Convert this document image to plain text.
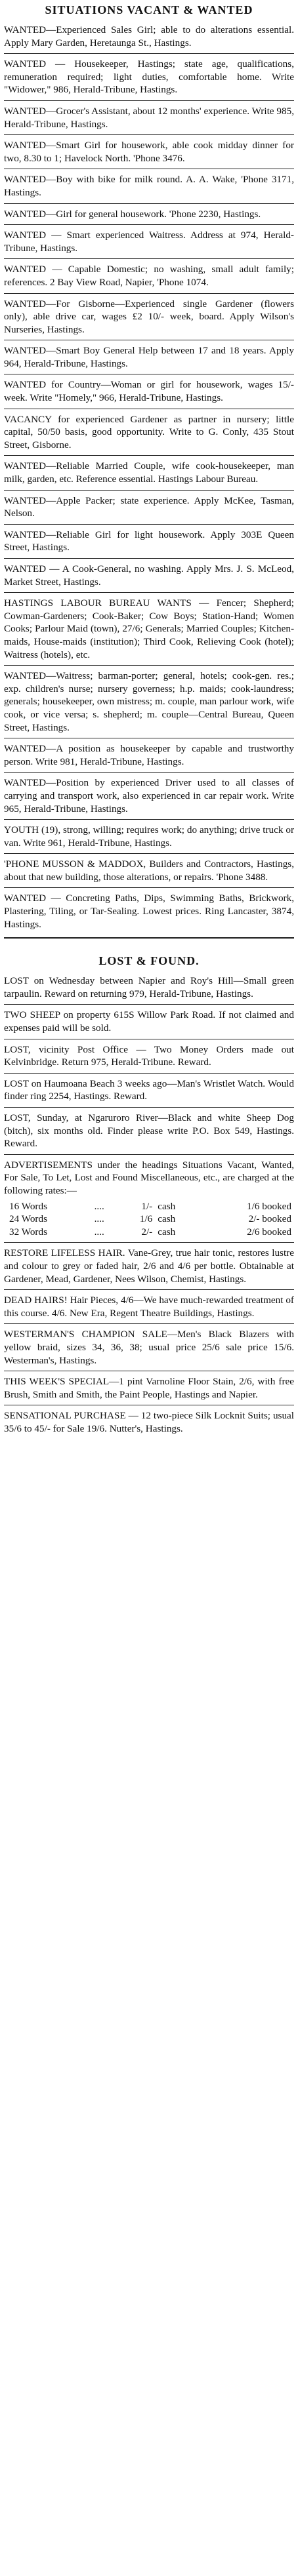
SITUATIONS VACANT & WANTED
WANTED—Experienced Sales Girl; able to do alterations essential. Apply Mary Garden, Heretaunga St., Hastings.
WANTED — Housekeeper, Hastings; state age, qualifications, remuneration required; light duties, comfortable home. Write "Widower," 986, Herald-Tribune, Hastings.
WANTED—Grocer's Assistant, about 12 months' experience. Write 985, Herald-Tribune, Hastings.
WANTED—Smart Girl for housework, able cook midday dinner for two, 8.30 to 1; Havelock North. 'Phone 3476.
WANTED—Boy with bike for milk round. A. A. Wake, 'Phone 3171, Hastings.
WANTED—Girl for general housework. 'Phone 2230, Hastings.
WANTED — Smart experienced Waitress. Address at 974, Herald-Tribune, Hastings.
WANTED — Capable Domestic; no washing, small adult family; references. 2 Bay View Road, Napier, 'Phone 1074.
WANTED—For Gisborne—Experienced single Gardener (flowers only), able drive car, wages £2 10/- week, board. Apply Wilson's Nurseries, Hastings.
WANTED—Smart Boy General Help between 17 and 18 years. Apply 964, Herald-Tribune, Hastings.
WANTED for Country—Woman or girl for housework, wages 15/- week. Write "Homely," 966, Herald-Tribune, Hastings.
VACANCY for experienced Gardener as partner in nursery; little capital, 50/50 basis, good opportunity. Write to G. Conly, 435 Stout Street, Gisborne.
WANTED—Reliable Married Couple, wife cook-housekeeper, man milk, garden, etc. Reference essential. Hastings Labour Bureau.
WANTED—Apple Packer; state experience. Apply McKee, Tasman, Nelson.
WANTED—Reliable Girl for light housework. Apply 303E Queen Street, Hastings.
WANTED — A Cook-General, no washing. Apply Mrs. J. S. McLeod, Market Street, Hastings.
HASTINGS LABOUR BUREAU WANTS — Fencer; Shepherd; Cowman-Gardeners; Cook-Baker; Cow Boys; Station-Hand; Women Cooks; Parlour Maid (town), 27/6; Generals; Married Couples; Kitchen-maids, House-maids (institution); Third Cook, Relieving Cook (hotel); Waitress (hotels), etc.
WANTED—Waitress; barman-porter; general, hotels; cook-gen. res.; exp. children's nurse; nursery governess; h.p. maids; cook-laundress; generals; housekeeper, own mistress; m. couple, man parlour work, wife cook, or vice versa; s. shepherd; m. couple—Central Bureau, Queen Street, Hastings.
WANTED—A position as housekeeper by capable and trustworthy person. Write 981, Herald-Tribune, Hastings.
WANTED—Position by experienced Driver used to all classes of carrying and transport work, also experienced in car repair work. Write 965, Herald-Tribune, Hastings.
YOUTH (19), strong, willing; requires work; do anything; drive truck or van. Write 961, Herald-Tribune, Hastings.
'PHONE MUSSON & MADDOX, Builders and Contractors, Hastings, about that new building, those alterations, or repairs. 'Phone 3488.
WANTED — Concreting Paths, Dips, Swimming Baths, Brickwork, Plastering, Tiling, or Tar-Sealing. Lowest prices. Ring Lancaster, 3874, Hastings.
LOST & FOUND.
LOST on Wednesday between Napier and Roy's Hill—Small green tarpaulin. Reward on returning 979, Herald-Tribune, Hastings.
TWO SHEEP on property 615S Willow Park Road. If not claimed and expenses paid will be sold.
LOST, vicinity Post Office — Two Money Orders made out Kelvinbridge. Return 975, Herald-Tribune. Reward.
LOST on Haumoana Beach 3 weeks ago—Man's Wristlet Watch. Would finder ring 2254, Hastings. Reward.
LOST, Sunday, at Ngaruroro River—Black and white Sheep Dog (bitch), six months old. Finder please write P.O. Box 549, Hastings. Reward.
ADVERTISEMENTS under the headings Situations Vacant, Wanted, For Sale, To Let, Lost and Found Miscellaneous, etc., are charged at the following rates:—
16 Words	....	1/-	cash	1/6 booked
24 Words	....	1/6	cash	2/- booked
32 Words	....	2/-	cash	2/6 booked
RESTORE LIFELESS HAIR. Vane-Grey, true hair tonic, restores lustre and colour to grey or faded hair, 2/6 and 4/6 per bottle. Obtainable at Gardener, Mead, Gardener, Nees Wilson, Chemist, Hastings.
DEAD HAIRS! Hair Pieces, 4/6—We have much-rewarded treatment of this course. 4/6. New Era, Regent Theatre Buildings, Hastings.
WESTERMAN'S CHAMPION SALE—Men's Black Blazers with yellow braid, sizes 34, 36, 38; usual price 25/6 sale price 15/6. Westerman's, Hastings.
THIS WEEK'S SPECIAL—1 pint Varnoline Floor Stain, 2/6, with free Brush, Smith and Smith, the Paint People, Hastings and Napier.
SENSATIONAL PURCHASE — 12 two-piece Silk Locknit Suits; usual 35/6 to 45/- for Sale 19/6. Nutter's, Hastings.
